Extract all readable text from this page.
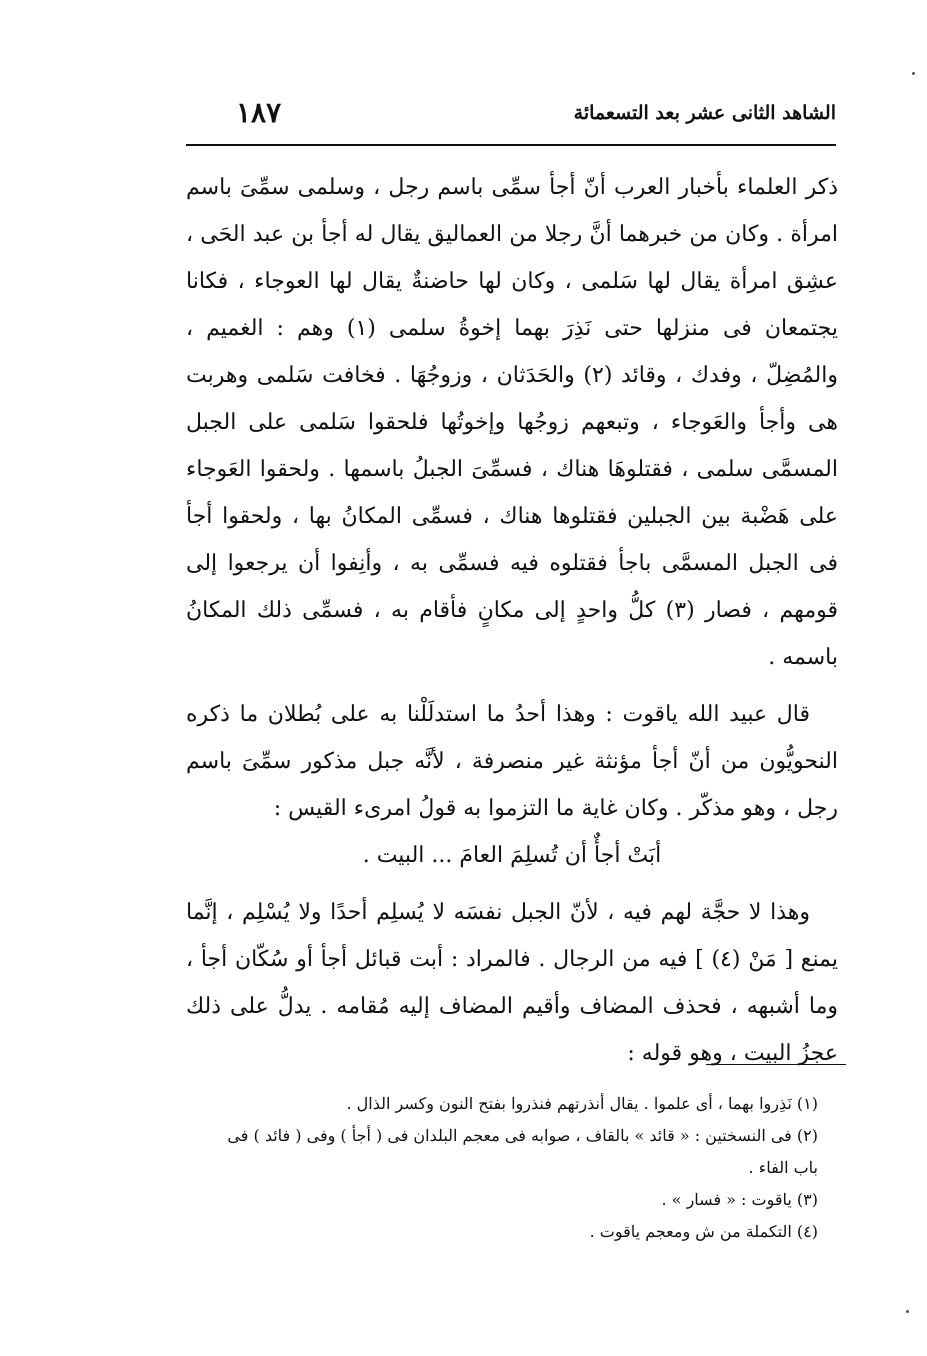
الشاهد الثانى عشر بعد التسعمائة
١٨٧

ذكر العلماء بأخبار العرب أنّ أجأ سمِّى باسم رجل ، وسلمى سمِّىَ باسم امرأة . وكان من خبرهما أنَّ رجلا من العماليق يقال له أجأ بن عبد الحَى ، عشِق امرأة يقال لها سَلمى ، وكان لها حاضنةٌ يقال لها العوجاء ، فكانا يجتمعان فى منزلها حتى نَذِرَ بهما إخوةُ سلمى (١) وهم : الغميم ، والمُضِلّ ، وفدك ، وقائد (٢) والحَدَثان ، وزوجُهَا . فخافت سَلمى وهربت هى وأجأ والعَوجاء ، وتبعهم زوجُها وإخوتُها فلحقوا سَلمى على الجبل المسمَّى سلمى ، فقتلوهَا هناك ، فسمِّىَ الجبلُ باسمها . ولحقوا العَوجاء على هَضْبة بين الجبلين فقتلوها هناك ، فسمِّى المكانُ بها ، ولحقوا أجأ فى الجبل المسمَّى باجأ فقتلوه فيه فسمِّى به ، وأنِفوا أن يرجعوا إلى قومهم ، فصار (٣) كلُّ واحدٍ إلى مكانٍ فأقام به ، فسمِّى ذلك المكانُ باسمه .

قال عبيد الله ياقوت : وهذا أحدُ ما استدلَلْنا به على بُطلان ما ذكره النحويُّون من أنّ أجأ مؤنثة غير منصرفة ، لأنَّه جبل مذكور سمِّىَ باسم رجل ، وهو مذكّر . وكان غاية ما التزموا به قولُ امرىء القيس :

أبَتْ أجأٌ أن تُسلِمَ العامَ ... البيت .

وهذا لا حجَّة لهم فيه ، لأنّ الجبل نفسَه لا يُسلِم أحدًا ولا يُسْلِم ، إنَّما يمنع [ مَنْ (٤) ] فيه من الرجال . فالمراد : أبت قبائل أجأ أو سُكّان أجأ ، وما أشبهه ، فحذف المضاف وأقيم المضاف إليه مُقامه . يدلُّ على ذلك عجزُ البيت ، وهو قوله :

(١) نَذِروا بهما ، أى علموا . يقال أنذرتهم فنذروا بفتح النون وكسر الذال .

(٢) فى النسختين : « قائد » بالقاف ، صوابه فى معجم البلدان فى ( أجأ ) وفى ( فائد ) فى باب الفاء .

(٣) ياقوت : « فسار » .

(٤) التكملة من ش ومعجم ياقوت .
